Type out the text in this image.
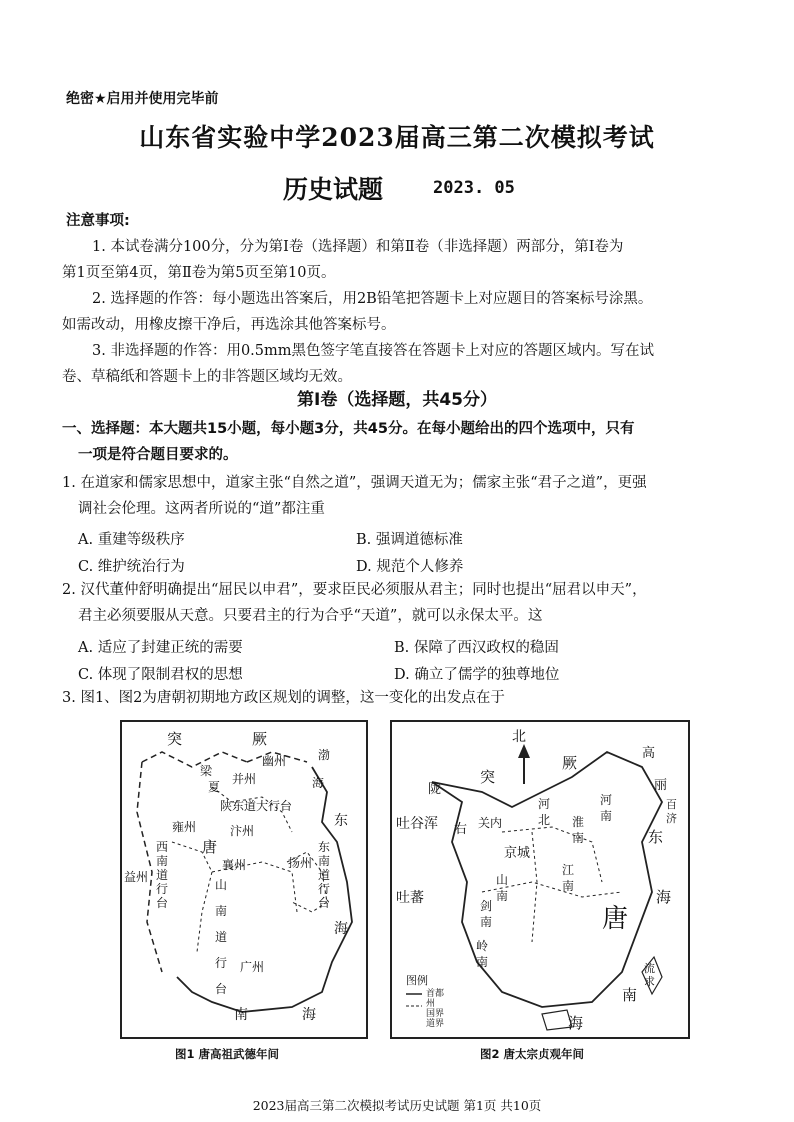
绝密★启用并使用完毕前
山东省实验中学2023届高三第二次模拟考试
历史试题	2023. 05
注意事项:
1. 本试卷满分100分，分为第Ⅰ卷（选择题）和第Ⅱ卷（非选择题）两部分，第Ⅰ卷为
第1页至第4页，第Ⅱ卷为第5页至第10页。
2. 选择题的作答：每小题选出答案后，用2B铅笔把答题卡上对应题目的答案标号涂黑。
如需改动，用橡皮擦干净后，再选涂其他答案标号。
3. 非选择题的作答：用0.5mm黑色签字笔直接答在答题卡上对应的答题区域内。写在试
卷、草稿纸和答题卡上的非答题区域均无效。
第Ⅰ卷（选择题，共45分）
一、选择题：本大题共15小题，每小题3分，共45分。在每小题给出的四个选项中，只有
一项是符合题目要求的。
1. 在道家和儒家思想中，道家主张“自然之道”，强调天道无为；儒家主张“君子之道”，更强
调社会伦理。这两者所说的“道”都注重
A. 重建等级秩序	B. 强调道德标准
C. 维护统治行为	D. 规范个人修养
2. 汉代董仲舒明确提出“屈民以申君”，要求臣民必须服从君主；同时也提出“屈君以申天”，
君主必须要服从天意。只要君主的行为合乎“天道”，就可以永保太平。这
A. 适应了封建正统的需要	B. 保障了西汉政权的稳固
C. 体现了限制君权的思想	D. 确立了儒学的独尊地位
3. 图1、图2为唐朝初期地方政区规划的调整，这一变化的出发点在于
突	厥
梁
夏
并州
幽州	渤
海
陕东道大行台
雍州
唐
东
汴州
西南道行台
益州
襄州	扬州
东南道行台
山南道行台
海
广州
南	海
图1 唐高祖武德年间
北
突
厥
高
丽
百济
陇
右
吐谷浑
吐蕃
关内
河北
河南
京城
山南
剑南
江南
岭南
淮南
唐
东
海
南
海
流求
图例
首都
州
国界
道界
图2 唐太宗贞观年间
2023届高三第二次模拟考试历史试题 第1页 共10页
